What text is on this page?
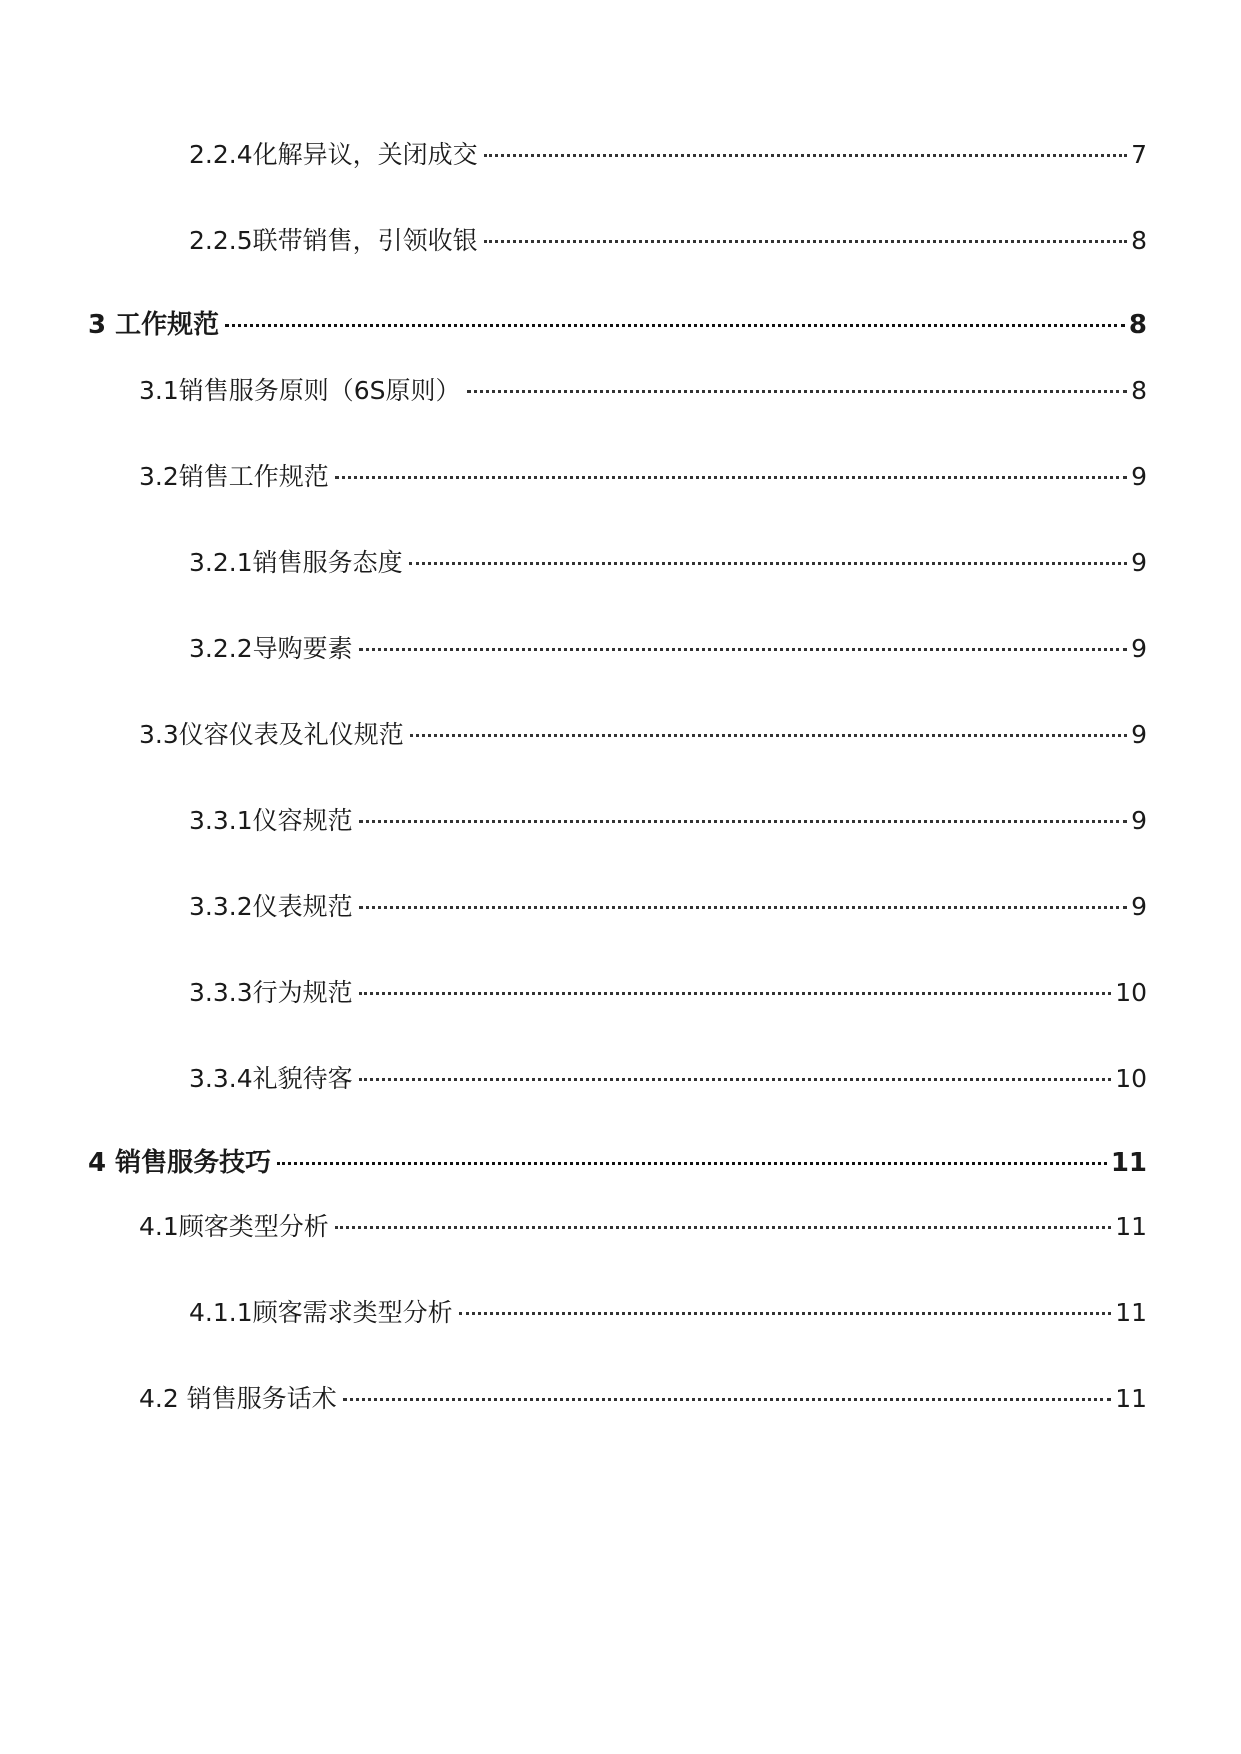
2.2.4化解异议，关闭成交	7
2.2.5联带销售，引领收银	8
3 工作规范	8
3.1销售服务原则（6S原则）	8
3.2销售工作规范	9
3.2.1销售服务态度	9
3.2.2导购要素	9
3.3仪容仪表及礼仪规范	9
3.3.1仪容规范	9
3.3.2仪表规范	9
3.3.3行为规范	10
3.3.4礼貌待客	10
4 销售服务技巧	11
4.1顾客类型分析	11
4.1.1顾客需求类型分析	11
4.2 销售服务话术	11
